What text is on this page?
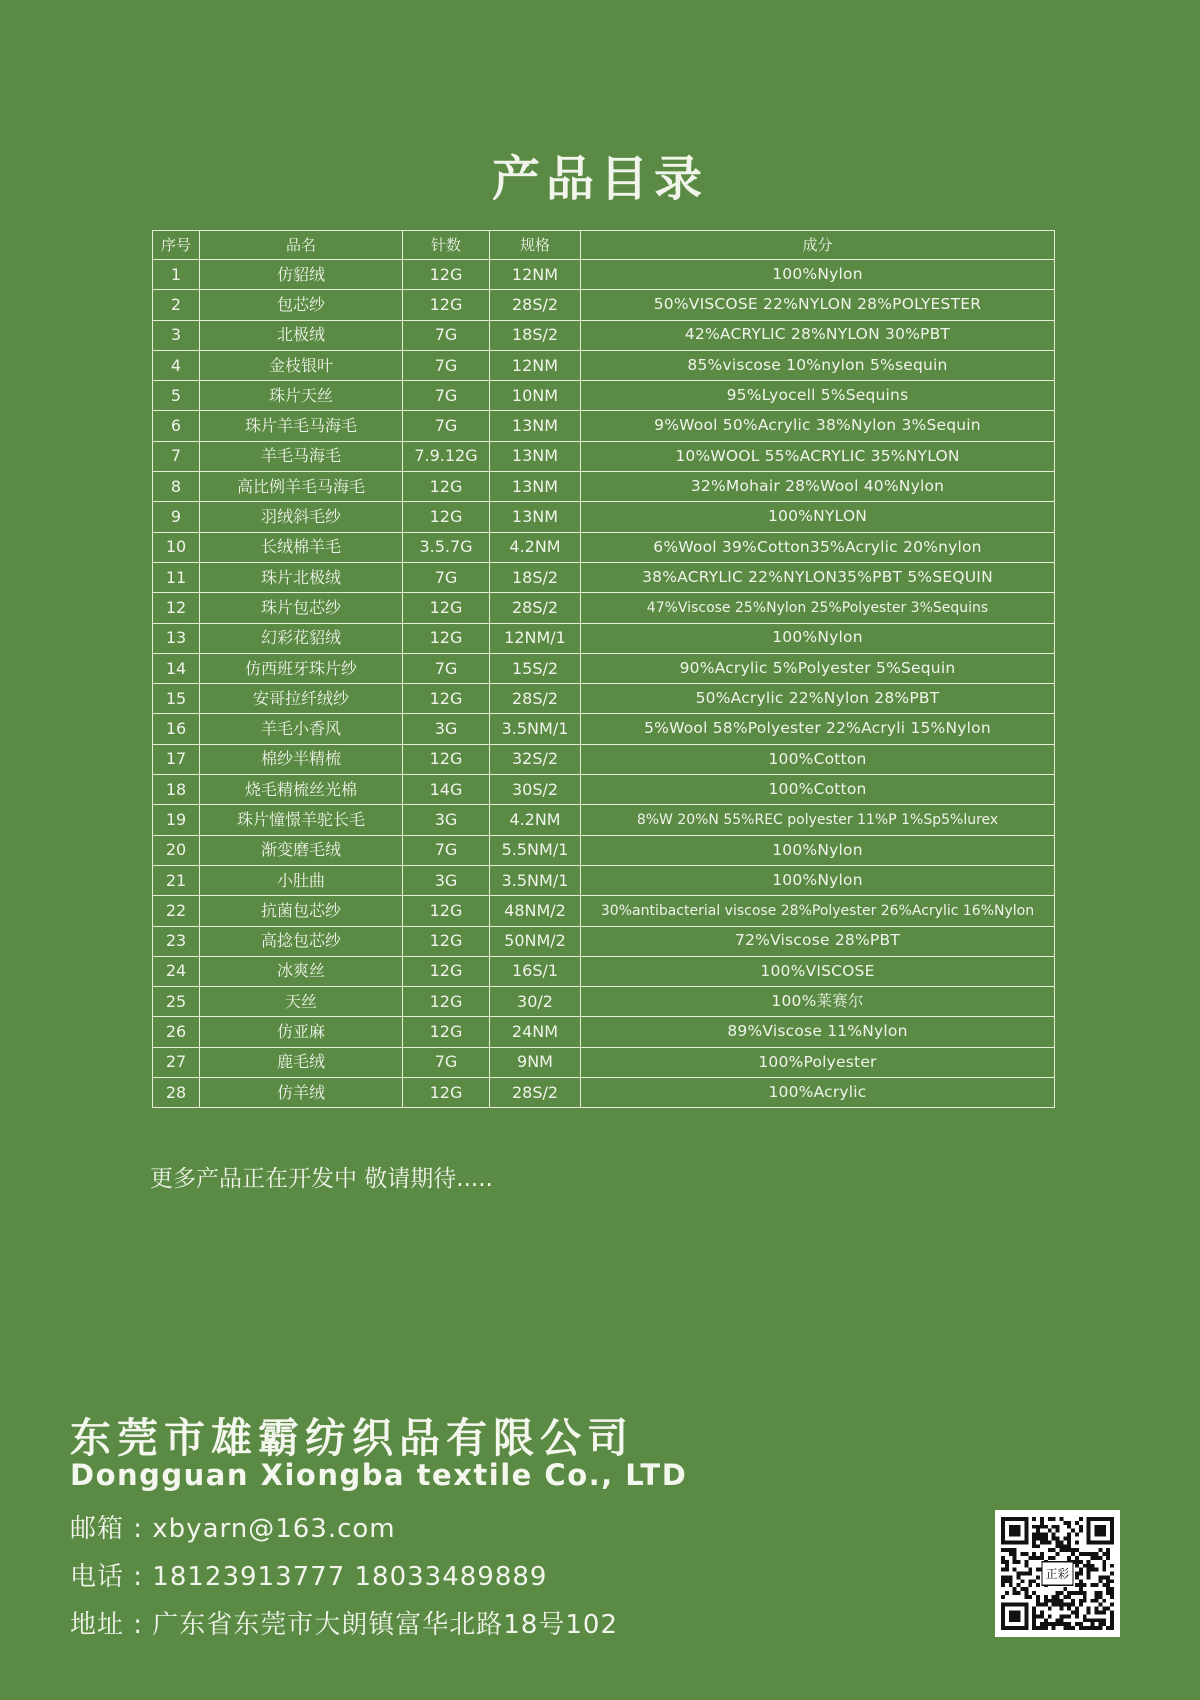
产品目录
序号	品名	针数	规格	成分
1	仿貂绒	12G	12NM	100%Nylon
2	包芯纱	12G	28S/2	50%VISCOSE 22%NYLON 28%POLYESTER
3	北极绒	7G	18S/2	42%ACRYLIC 28%NYLON 30%PBT
4	金枝银叶	7G	12NM	85%viscose 10%nylon 5%sequin
5	珠片天丝	7G	10NM	95%Lyocell 5%Sequins
6	珠片羊毛马海毛	7G	13NM	9%Wool 50%Acrylic 38%Nylon 3%Sequin
7	羊毛马海毛	7.9.12G	13NM	10%WOOL 55%ACRYLIC 35%NYLON
8	高比例羊毛马海毛	12G	13NM	32%Mohair 28%Wool 40%Nylon
9	羽绒斜毛纱	12G	13NM	100%NYLON
10	长绒棉羊毛	3.5.7G	4.2NM	6%Wool 39%Cotton35%Acrylic 20%nylon
11	珠片北极绒	7G	18S/2	38%ACRYLIC 22%NYLON35%PBT 5%SEQUIN
12	珠片包芯纱	12G	28S/2	47%Viscose 25%Nylon 25%Polyester 3%Sequins
13	幻彩花貂绒	12G	12NM/1	100%Nylon
14	仿西班牙珠片纱	7G	15S/2	90%Acrylic 5%Polyester 5%Sequin
15	安哥拉纤绒纱	12G	28S/2	50%Acrylic 22%Nylon 28%PBT
16	羊毛小香风	3G	3.5NM/1	5%Wool 58%Polyester 22%Acryli 15%Nylon
17	棉纱半精梳	12G	32S/2	100%Cotton
18	烧毛精梳丝光棉	14G	30S/2	100%Cotton
19	珠片憧憬羊驼长毛	3G	4.2NM	8%W 20%N 55%REC polyester 11%P 1%Sp5%lurex
20	渐变磨毛绒	7G	5.5NM/1	100%Nylon
21	小肚曲	3G	3.5NM/1	100%Nylon
22	抗菌包芯纱	12G	48NM/2	30%antibacterial viscose 28%Polyester 26%Acrylic 16%Nylon
23	高捻包芯纱	12G	50NM/2	72%Viscose 28%PBT
24	冰爽丝	12G	16S/1	100%VISCOSE
25	天丝	12G	30/2	100%莱赛尔
26	仿亚麻	12G	24NM	89%Viscose 11%Nylon
27	鹿毛绒	7G	9NM	100%Polyester
28	仿羊绒	12G	28S/2	100%Acrylic
更多产品正在开发中 敬请期待.....
东莞市雄霸纺织品有限公司
Dongguan Xiongba textile Co., LTD
邮箱 : xbyarn@163.com
电话 : 18123913777 18033489889
地址 : 广东省东莞市大朗镇富华北路18号102
正彩
